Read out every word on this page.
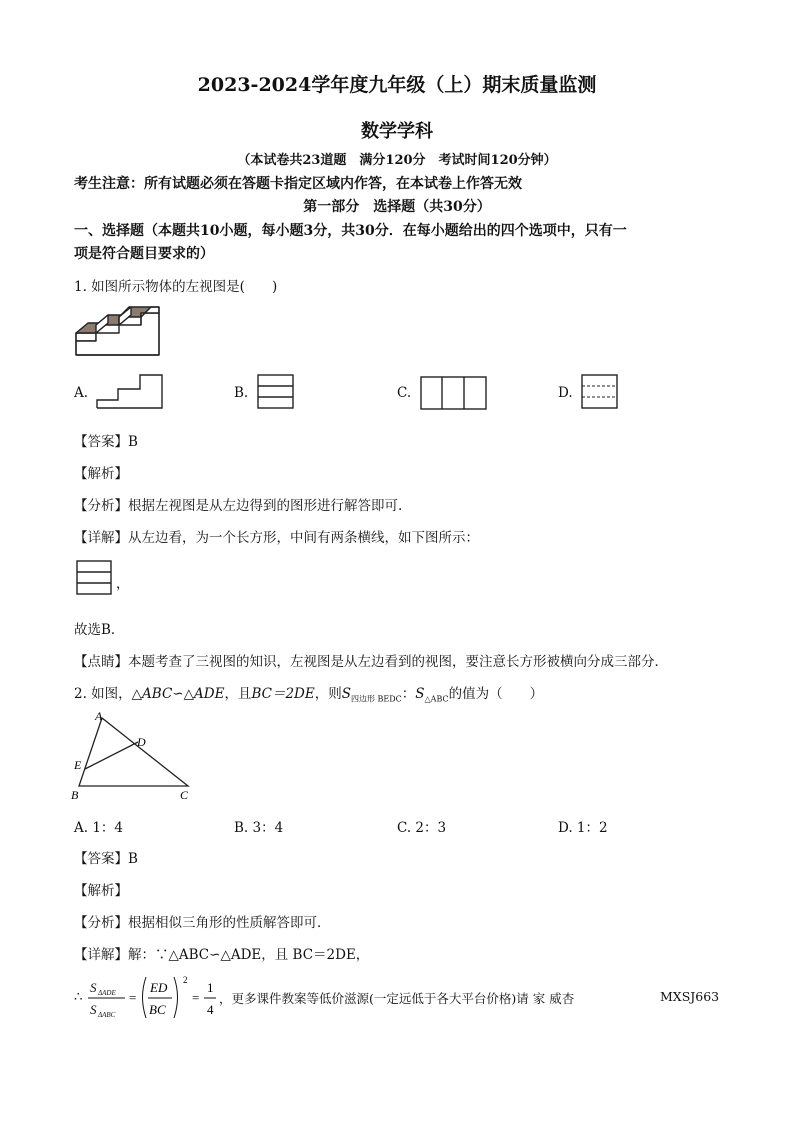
2023-2024学年度九年级（上）期末质量监测
数学学科
（本试卷共23道题　满分120分　考试时间120分钟）
考生注意：所有试题必须在答题卡指定区域内作答，在本试卷上作答无效
第一部分　选择题（共30分）
一、选择题（本题共10小题，每小题3分，共30分．在每小题给出的四个选项中，只有一
项是符合题目要求的）
1. 如图所示物体的左视图是(　　)
A.	B.	C.	D.
【答案】B
【解析】
【分析】根据左视图是从左边得到的图形进行解答即可.
【详解】从左边看，为一个长方形，中间有两条横线，如下图所示：
，
故选B．
【点睛】本题考查了三视图的知识，左视图是从左边看到的视图，要注意长方形被横向分成三部分．
2. 如图，△ABC∽△ADE，且BC＝2DE，则$S_{四边形 BEDC}$：$S_{\triangle ABC}$的值为（　　）
A
D
E
B	C
A. 1：4	B. 3：4	C. 2：3	D. 1：2
【答案】B
【解析】
【分析】根据相似三角形的性质解答即可．
【详解】解：∵△ABC∽△ADE，且 BC＝2DE，
∴
S ΔADE
S ΔABC
=
ED
BC
2
=
1
4
，更多课件教案等低价滋源(一定远低于各大平台价格)请 家 威杏	MXSJ663
